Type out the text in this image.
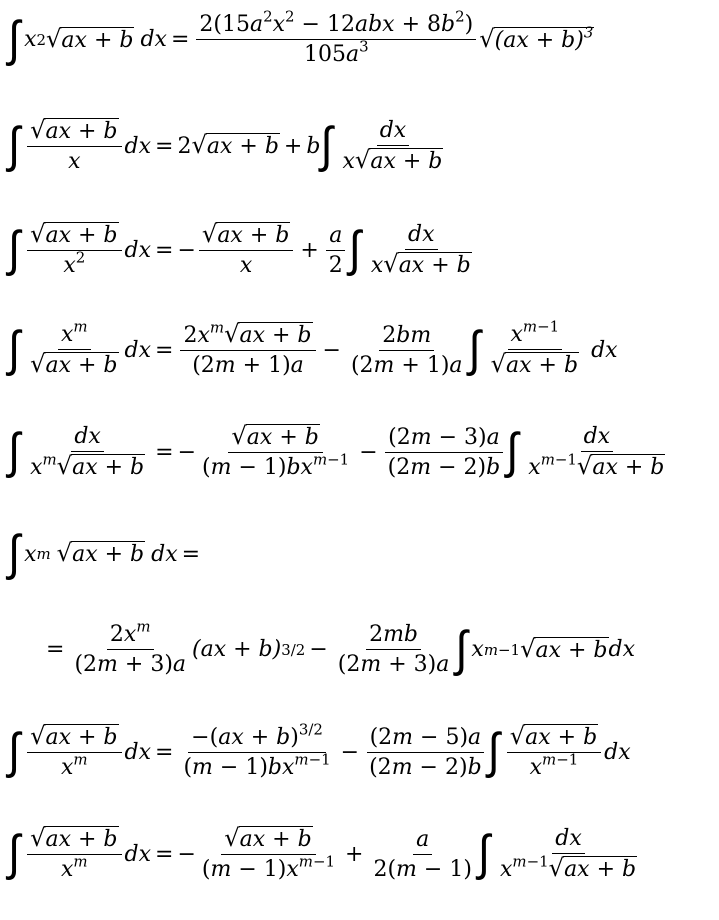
∫ x 2 √ ax + b dx = $\frac{2(15a^2x^2 - 12abx + 8b^2)}{105a^3}$ √ (ax + b)$^3$
∫ $\frac{√ ax + b}{x}$ dx = 2 √ ax + b + b ∫ $\frac{dx}{x √ ax + b}$
∫ $\frac{√ ax + b}{x^2}$ dx = − $\frac{√ ax + b}{x} + \frac{a}{2}$ ∫ $\frac{dx}{x √ ax + b}$
∫ $\frac{x^m}{√ ax + b}$ dx = $\frac{2x^m √ ax + b}{(2m + 1)a} - \frac{2bm}{(2m + 1)a}$ ∫ $\frac{x^{m-1}}{√ ax + b}$ dx
∫ $\frac{dx}{x^m √ ax + b}$ = − $\frac{√ ax + b}{(m - 1)bx^{m-1}} - \frac{(2m - 3)a}{(2m - 2)b}$ ∫ $\frac{dx}{x^{m-1} √ ax + b}$
∫ x m √ ax + b dx =
= $\frac{2x^m}{(2m + 3)a} (ax + b) 3/2 - \frac{2mb}{(2m + 3)a}$ ∫ x m−1 √ ax + b dx
∫ $\frac{√ ax + b}{x^m}$ dx = $\frac{-(ax + b)^{3/2}}{(m - 1)bx^{m-1}} - \frac{(2m - 5)a}{(2m - 2)b}$ ∫ $\frac{√ ax + b}{x^{m-1}}$ dx
∫ $\frac{√ ax + b}{x^m}$ dx = − $\frac{√ ax + b}{(m - 1)x^{m-1}} + \frac{a}{2(m - 1)}$ ∫ $\frac{dx}{x^{m-1} √ ax + b}$
